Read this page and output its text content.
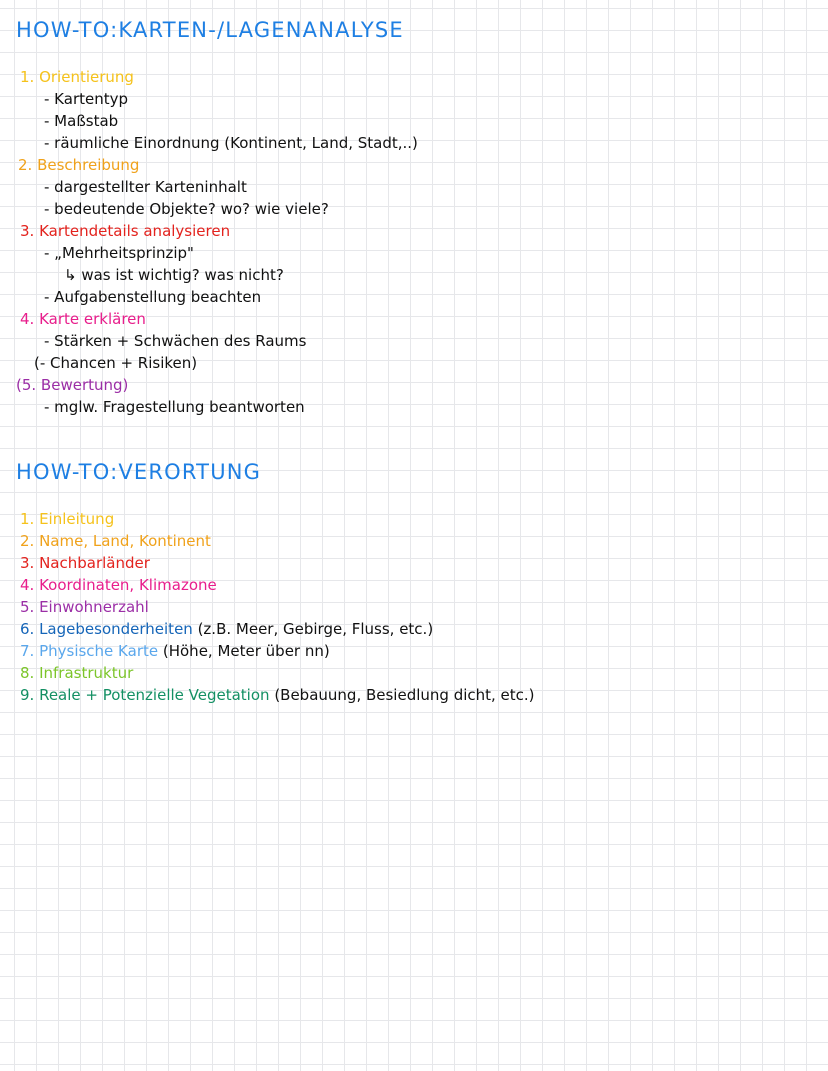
HOW-TO:KARTEN-/LAGENANALYSE
1. Orientierung
- Kartentyp
- Maßstab
- räumliche Einordnung (Kontinent, Land, Stadt,..)
2. Beschreibung
- dargestellter Karteninhalt
- bedeutende Objekte? wo? wie viele?
3. Kartendetails analysieren
- „Mehrheitsprinzip"
↳ was ist wichtig? was nicht?
- Aufgabenstellung beachten
4. Karte erklären
- Stärken + Schwächen des Raums
(- Chancen + Risiken)
(5. Bewertung)
- mglw. Fragestellung beantworten
HOW-TO:VERORTUNG
1. Einleitung
2. Name, Land, Kontinent
3. Nachbarländer
4. Koordinaten, Klimazone
5. Einwohnerzahl
6. Lagebesonderheiten (z.B. Meer, Gebirge, Fluss, etc.)
7. Physische Karte (Höhe, Meter über nn)
8. Infrastruktur
9. Reale + Potenzielle Vegetation (Bebauung, Besiedlung dicht, etc.)
